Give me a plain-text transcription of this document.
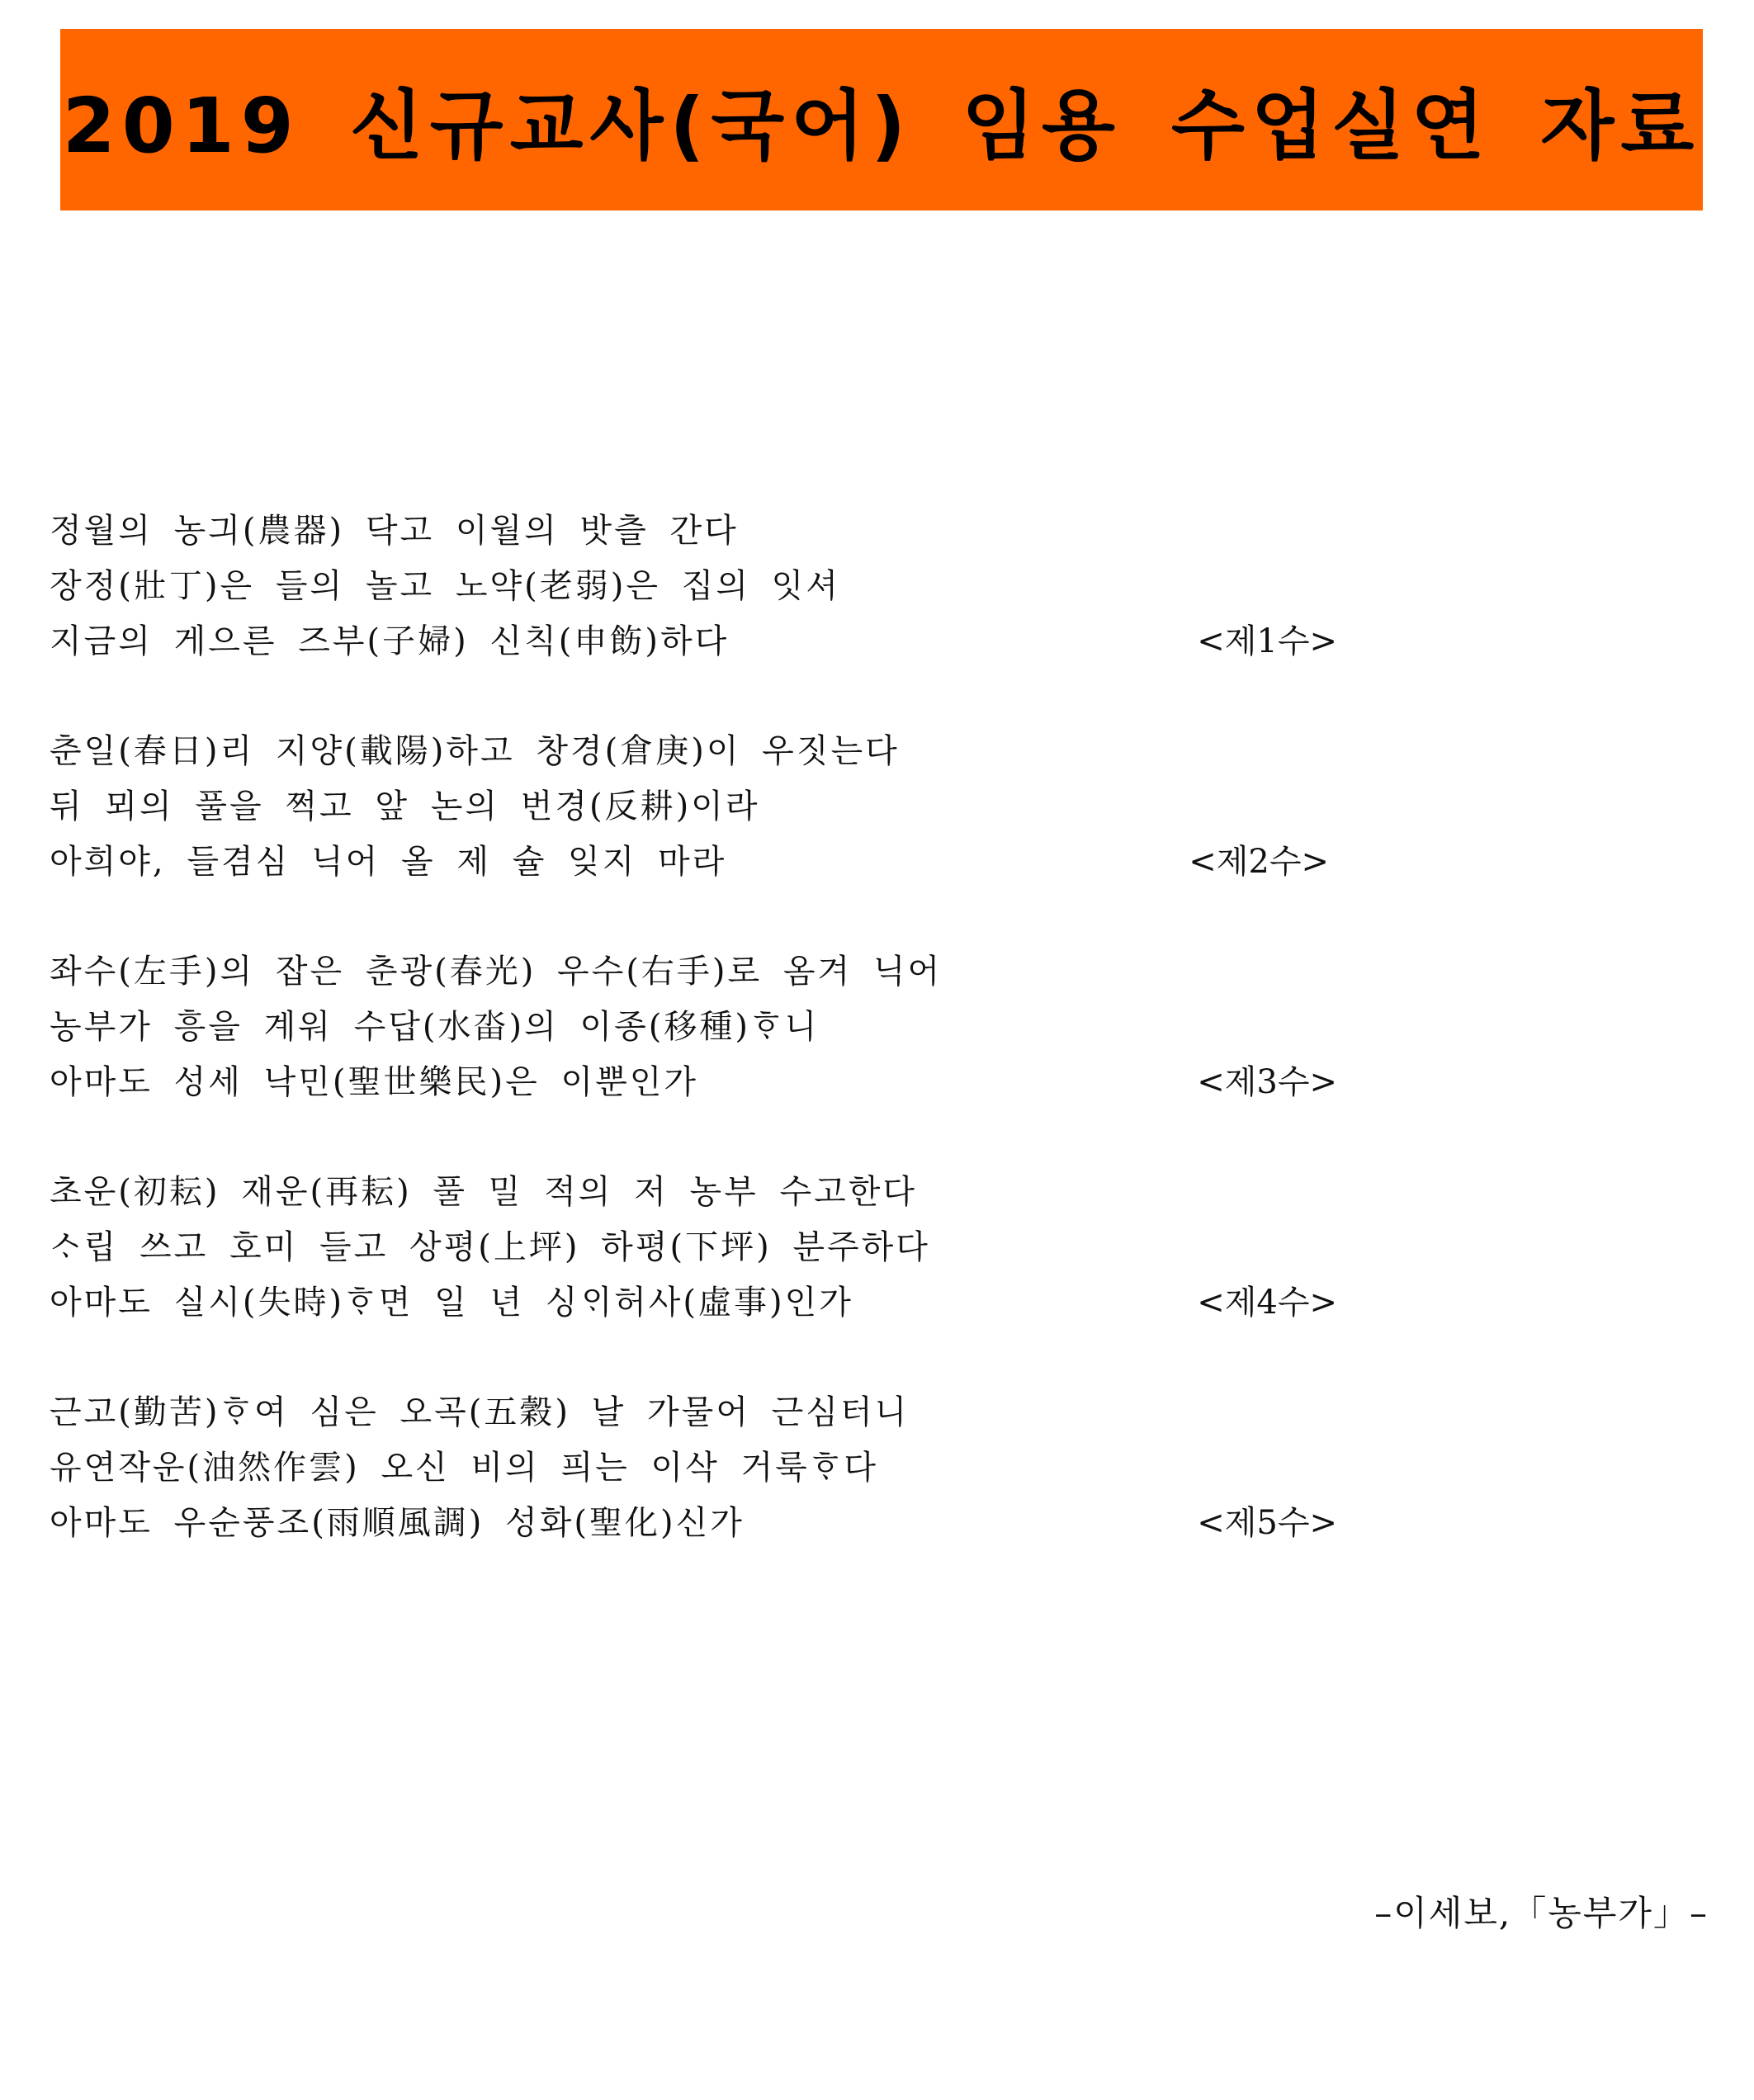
2019 신규교사(국어) 임용 수업실연 자료
정월의 농긔(農器) 닥고 이월의 밧츨 간다
장정(壯丁)은 들의 놀고 노약(老弱)은 집의 잇셔
지금의 게으른 즈부(子婦) 신칙(申飭)하다	<제1수>
춘일(春日)리 지양(載陽)하고 창경(倉庚)이 우짓는다
뒤 뫼의 풀을 쩍고 앞 논의 번경(反耕)이라
아희야, 들겸심 닉어 올 제 슐 잊지 마라	<제2수>
좌수(左手)의 잡은 춘광(春光) 우수(右手)로 옴겨 닉어
농부가 흥을 계워 수답(水畓)의 이종(移種)ᄒᆞ니
아마도 성세 낙민(聖世樂民)은 이뿐인가	<제3수>
초운(初耘) 재운(再耘) 풀 밀 적의 저 농부 수고한다
ᄉᆞ립 쓰고 호미 들고 상평(上坪) 하평(下坪) 분주하다
아마도 실시(失時)ᄒᆞ면 일 년 싱ᄋᆡ허사(虛事)인가	<제4수>
근고(勤苦)ᄒᆞ여 심은 오곡(五穀) 날 가물어 근심터니
유연작운(油然作雲) 오신 비의 픠는 이삭 거룩ᄒᆞ다
아마도 우순풍조(雨順風調) 성화(聖化)신가	<제5수>
–이세보,「농부가」–
